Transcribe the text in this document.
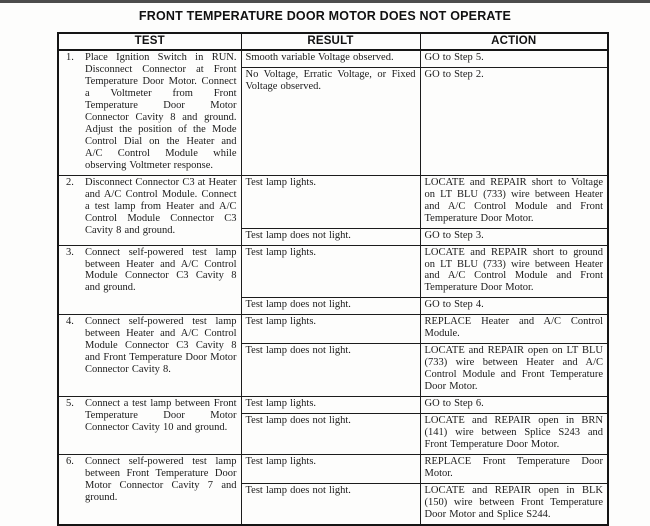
FRONT TEMPERATURE DOOR MOTOR DOES NOT OPERATE
TEST	RESULT	ACTION

1. Place Ignition Switch in RUN. Disconnect Connector at Front Temperature Door Motor. Connect a Voltmeter from Front Temperature Door Motor Connector Cavity 8 and ground. Adjust the position of the Mode Control Dial on the Heater and A/C Control Module while observing Voltmeter response.	Smooth variable Voltage observed.	GO to Step 5.
	No Voltage, Erratic Voltage, or Fixed Voltage observed.	GO to Step 2.

2. Disconnect Connector C3 at Heater and A/C Control Module. Connect a test lamp from Heater and A/C Control Module Connector C3 Cavity 8 and ground.	Test lamp lights.	LOCATE and REPAIR short to Voltage on LT BLU (733) wire between Heater and A/C Control Module and Front Temperature Door Motor.
	Test lamp does not light.	GO to Step 3.

3. Connect self-powered test lamp between Heater and A/C Control Module Connector C3 Cavity 8 and ground.	Test lamp lights.	LOCATE and REPAIR short to ground on LT BLU (733) wire between Heater and A/C Control Module and Front Temperature Door Motor.
	Test lamp does not light.	GO to Step 4.

4. Connect self-powered test lamp between Heater and A/C Control Module Connector C3 Cavity 8 and Front Temperature Door Motor Connector Cavity 8.	Test lamp lights.	REPLACE Heater and A/C Control Module.
	Test lamp does not light.	LOCATE and REPAIR open on LT BLU (733) wire between Heater and A/C Control Module and Front Temperature Door Motor.

5. Connect a test lamp between Front Temperature Door Motor Connector Cavity 10 and ground.	Test lamp lights.	GO to Step 6.
	Test lamp does not light.	LOCATE and REPAIR open in BRN (141) wire between Splice S243 and Front Temperature Door Motor.

6. Connect self-powered test lamp between Front Temperature Door Motor Connector Cavity 7 and ground.	Test lamp lights.	REPLACE Front Temperature Door Motor.
	Test lamp does not light.	LOCATE and REPAIR open in BLK (150) wire between Front Temperature Door Motor and Splice S244.
